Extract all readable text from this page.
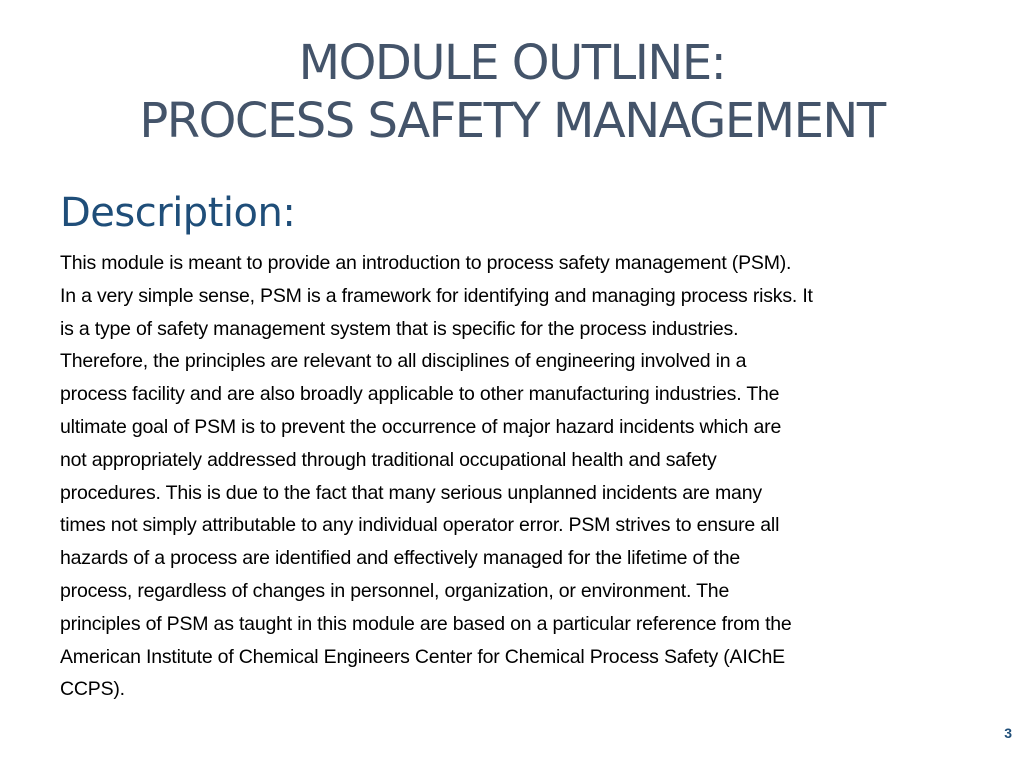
MODULE OUTLINE:
PROCESS SAFETY MANAGEMENT
Description:
This module is meant to provide an introduction to process safety management (PSM).
In a very simple sense, PSM is a framework for identifying and managing process risks. It
is a type of safety management system that is specific for the process industries.
Therefore, the principles are relevant to all disciplines of engineering involved in a
process facility and are also broadly applicable to other manufacturing industries. The
ultimate goal of PSM is to prevent the occurrence of major hazard incidents which are
not appropriately addressed through traditional occupational health and safety
procedures. This is due to the fact that many serious unplanned incidents are many
times not simply attributable to any individual operator error. PSM strives to ensure all
hazards of a process are identified and effectively managed for the lifetime of the
process, regardless of changes in personnel, organization, or environment. The
principles of PSM as taught in this module are based on a particular reference from the
American Institute of Chemical Engineers Center for Chemical Process Safety (AIChE
CCPS).
3
